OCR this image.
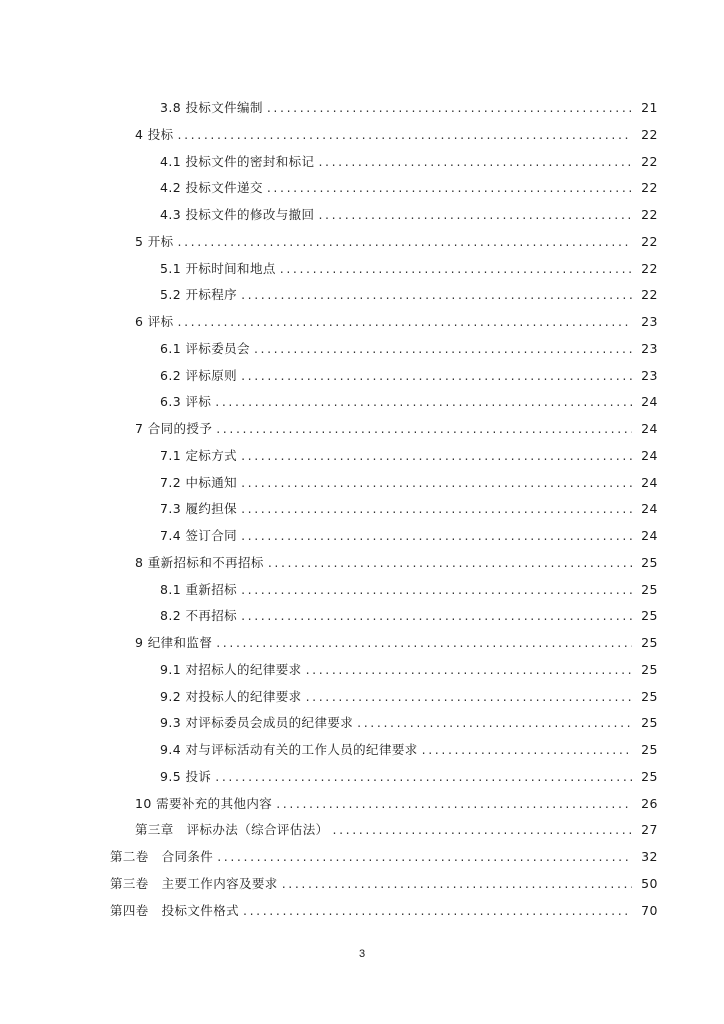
3.8 投标文件编制 .....	21
4 投标 .....	22
4.1 投标文件的密封和标记 .....	22
4.2 投标文件递交 .....	22
4.3 投标文件的修改与撤回 .....	22
5 开标 .....	22
5.1 开标时间和地点 .....	22
5.2 开标程序 .....	22
6 评标 .....	23
6.1 评标委员会 .....	23
6.2 评标原则 .....	23
6.3 评标 .....	24
7 合同的授予 .....	24
7.1 定标方式 .....	24
7.2 中标通知 .....	24
7.3 履约担保 .....	24
7.4 签订合同 .....	24
8 重新招标和不再招标 .....	25
8.1 重新招标 .....	25
8.2 不再招标 .....	25
9 纪律和监督 .....	25
9.1 对招标人的纪律要求 .....	25
9.2 对投标人的纪律要求 .....	25
9.3 对评标委员会成员的纪律要求 .....	25
9.4 对与评标活动有关的工作人员的纪律要求 .....	25
9.5 投诉 .....	25
10 需要补充的其他内容 .....	26
第三章　评标办法（综合评估法） .....	27
第二卷　合同条件 .....	32
第三卷　主要工作内容及要求 .....	50
第四卷　投标文件格式 .....	70
3
